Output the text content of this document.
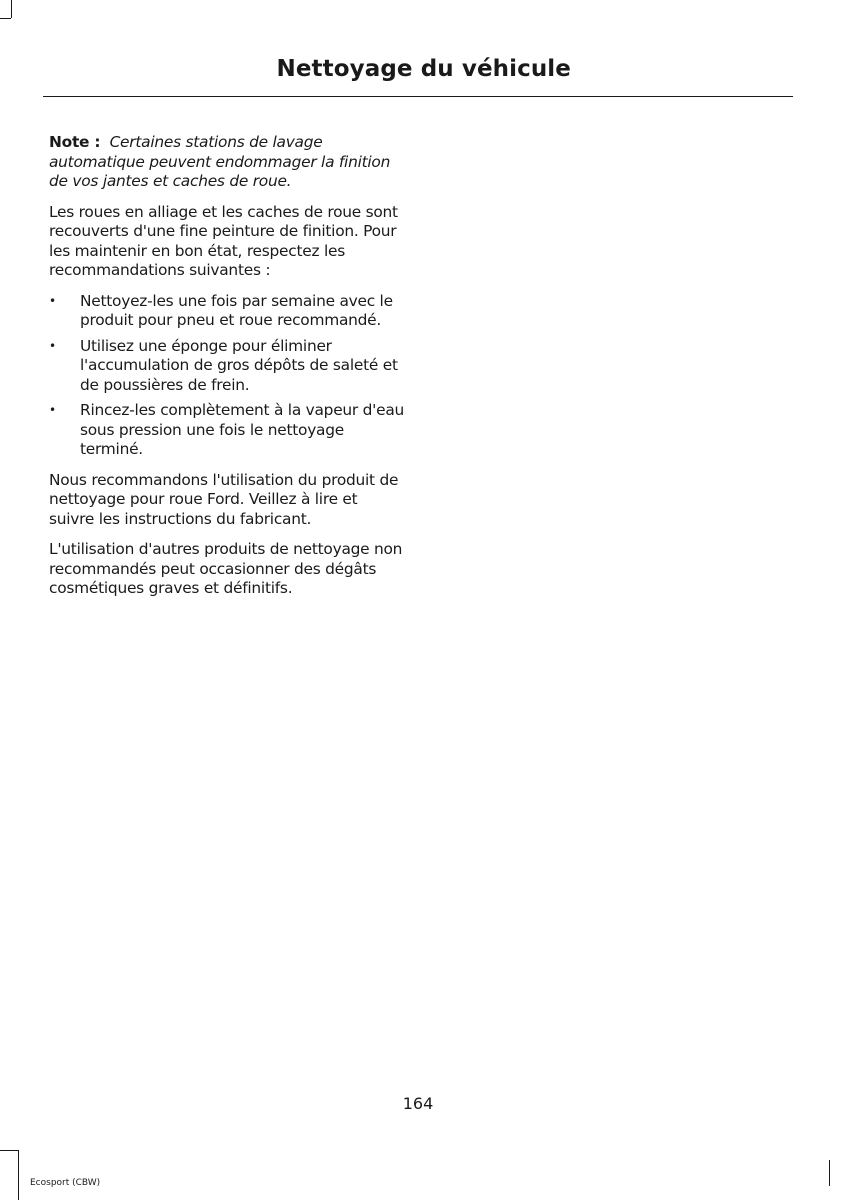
Nettoyage du véhicule

Note : Certaines stations de lavage automatique peuvent endommager la finition de vos jantes et caches de roue.

Les roues en alliage et les caches de roue sont recouverts d'une fine peinture de finition. Pour les maintenir en bon état, respectez les recommandations suivantes :

• Nettoyez-les une fois par semaine avec le produit pour pneu et roue recommandé.
• Utilisez une éponge pour éliminer l'accumulation de gros dépôts de saleté et de poussières de frein.
• Rincez-les complètement à la vapeur d'eau sous pression une fois le nettoyage terminé.

Nous recommandons l'utilisation du produit de nettoyage pour roue Ford. Veillez à lire et suivre les instructions du fabricant.

L'utilisation d'autres produits de nettoyage non recommandés peut occasionner des dégâts cosmétiques graves et définitifs.

164
Ecosport (CBW)
